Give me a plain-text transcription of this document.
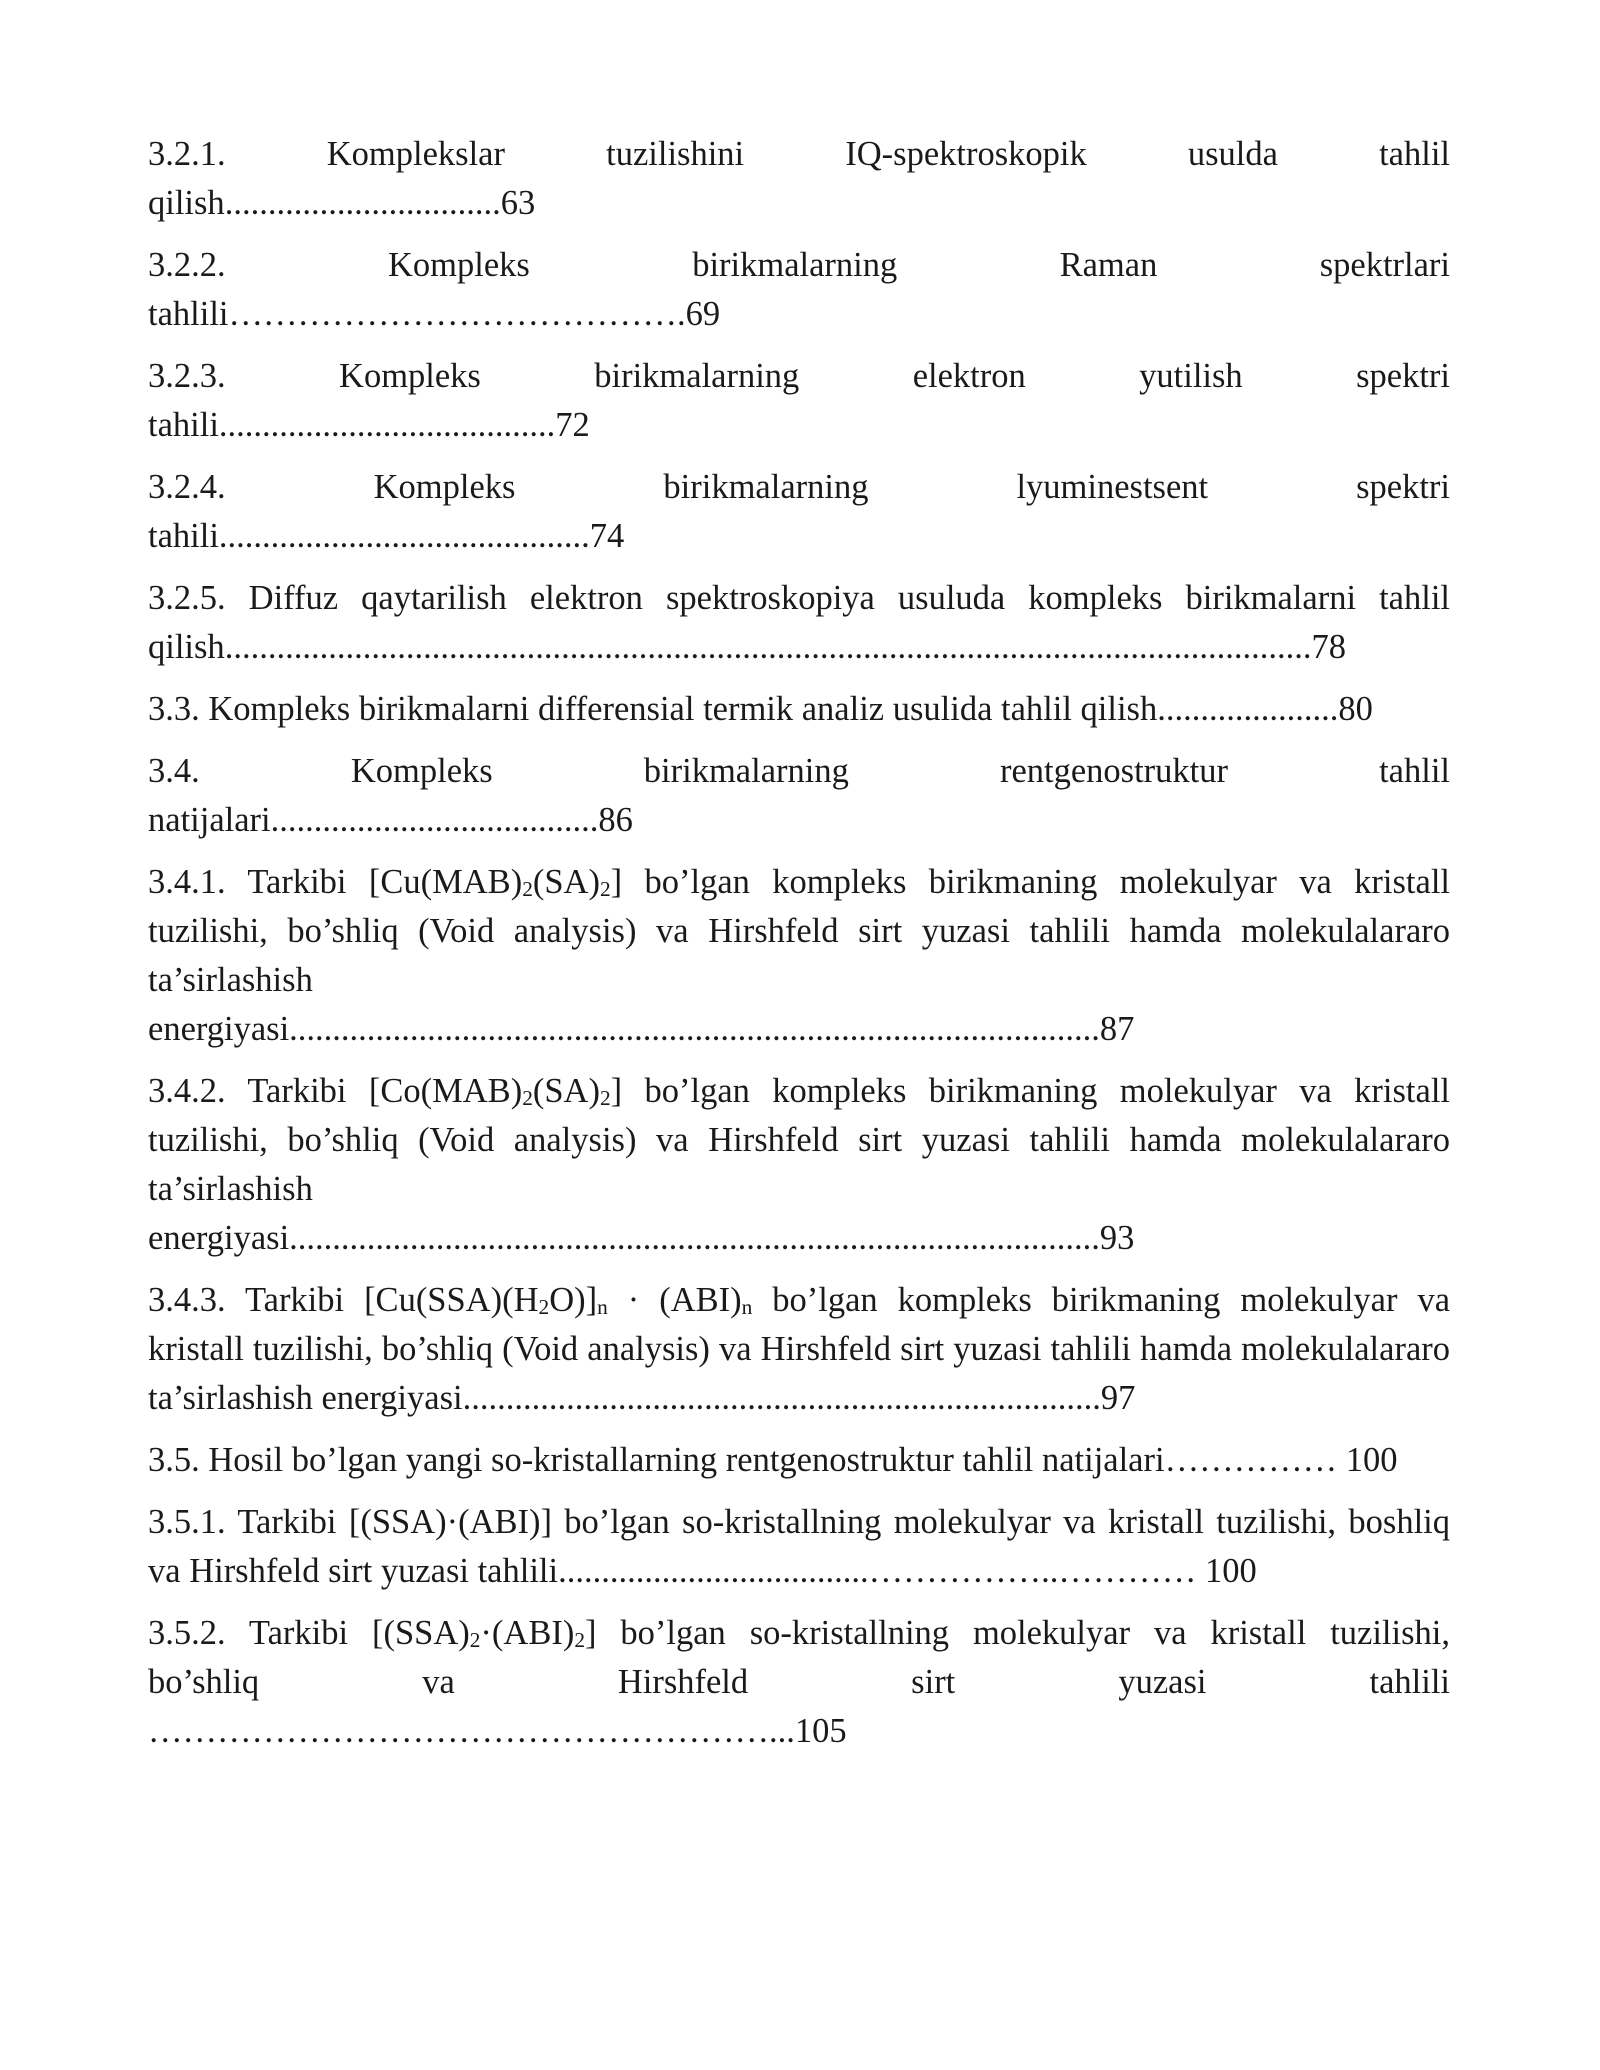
3.2.1. Komplekslar tuzilishini IQ-spektroskopik usulda tahlil
qilish................................63
3.2.2. Kompleks birikmalarning Raman spektrlari
tahlili………………………………….69
3.2.3. Kompleks birikmalarning elektron yutilish spektri
tahili.......................................72
3.2.4. Kompleks birikmalarning lyuminestsent spektri
tahili...........................................74
3.2.5. Diffuz qaytarilish elektron spektroskopiya usuluda kompleks birikmalarni tahlil
qilish..............................................................................................................................78
3.3. Kompleks birikmalarni differensial termik analiz usulida tahlil qilish.....................80
3.4. Kompleks birikmalarning rentgenostruktur tahlil
natijalari......................................86
3.4.1. Tarkibi $[Cu(MAB)_2(SA)_2]$ bo’lgan kompleks birikmaning molekulyar va kristall tuzilishi, bo’shliq (Void analysis) va Hirshfeld sirt yuzasi tahlili hamda molekulalararo ta’sirlashish
energiyasi..............................................................................................87
3.4.2. Tarkibi $[Co(MAB)_2(SA)_2]$ bo’lgan kompleks birikmaning molekulyar va kristall tuzilishi, bo’shliq (Void analysis) va Hirshfeld sirt yuzasi tahlili hamda molekulalararo ta’sirlashish
energiyasi..............................................................................................93
3.4.3. Tarkibi $[Cu(SSA)(H_2O)]_n \cdot (ABI)_n$ bo’lgan kompleks birikmaning molekulyar va kristall tuzilishi, bo’shliq (Void analysis) va Hirshfeld sirt yuzasi tahlili hamda molekulalararo ta’sirlashish energiyasi..........................................................................97
3.5. Hosil bo’lgan yangi so-kristallarning rentgenostruktur tahlil natijalari…………… 100
3.5.1. Tarkibi [(SSA)·(ABI)] bo’lgan so-kristallning molekulyar va kristall tuzilishi, boshliq va Hirshfeld sirt yuzasi tahlili....................................……………..………… 100
3.5.2. Tarkibi $[(SSA)_2\cdot(ABI)_2]$ bo’lgan so-kristallning molekulyar va kristall tuzilishi,
bo’shliq va Hirshfeld sirt yuzasi tahlili
………………………………………………...105
